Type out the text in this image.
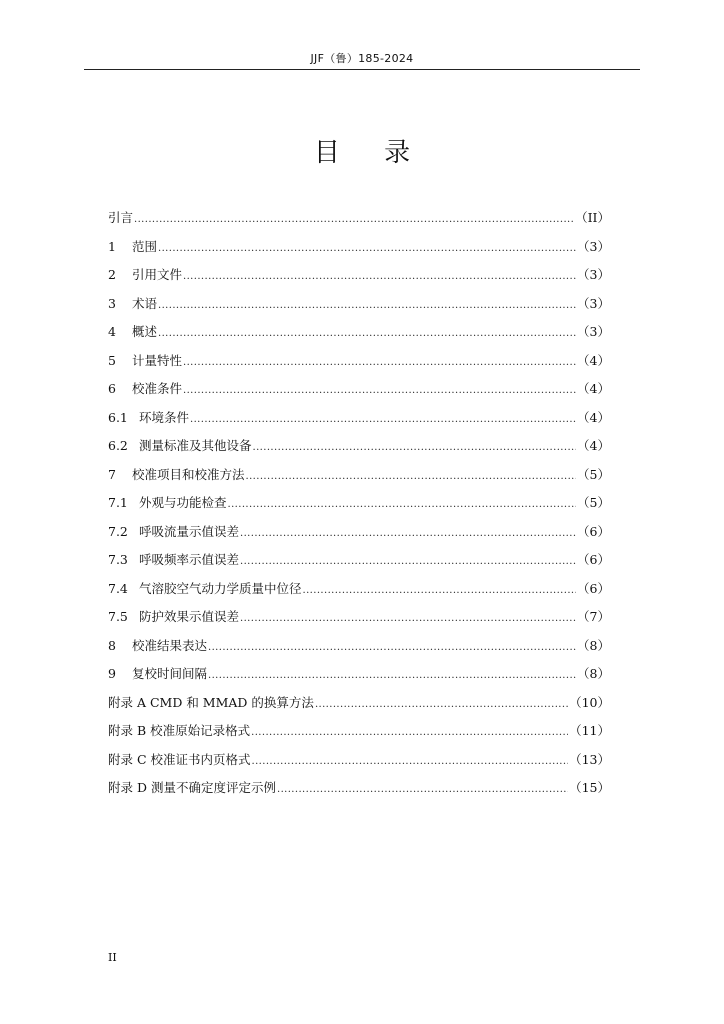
JJF（鲁）185-2024
目 录
引言 .....	（II）
1	范围 .....	（3）
2	引用文件 .....	（3）
3	术语 .....	（3）
4	概述 .....	（3）
5	计量特性 .....	（4）
6	校准条件 .....	（4）
6.1 环境条件 .....	（4）
6.2 测量标准及其他设备 .....	（4）
7	校准项目和校准方法 .....	（5）
7.1 外观与功能检查 .....	（5）
7.2 呼吸流量示值误差 .....	（6）
7.3 呼吸频率示值误差 .....	（6）
7.4 气溶胶空气动力学质量中位径 .....	（6）
7.5 防护效果示值误差 .....	（7）
8	校准结果表达 .....	（8）
9	复校时间间隔 .....	（8）
附录 A CMD 和 MMAD 的换算方法 .....	（10）
附录 B 校准原始记录格式 .....	（11）
附录 C 校准证书内页格式 .....	（13）
附录 D 测量不确定度评定示例 .....	（15）
II
